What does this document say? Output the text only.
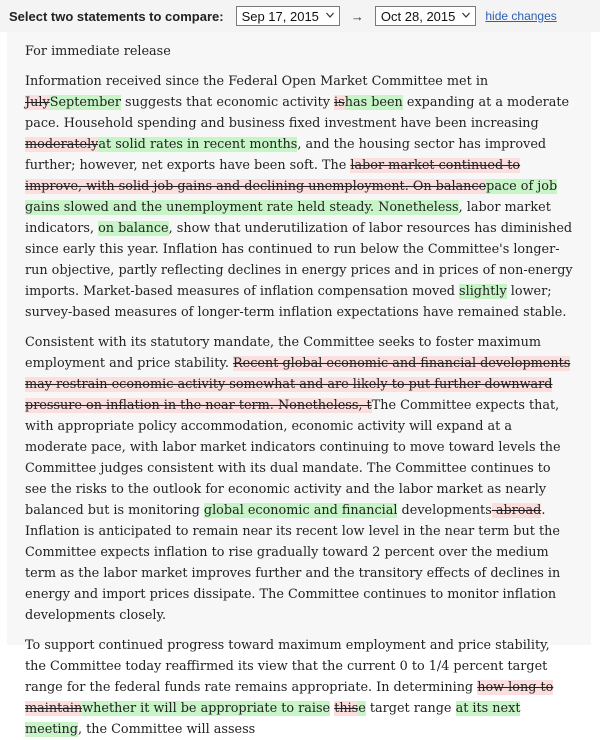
Select two statements to compare:	Sep 17, 2015	→	Oct 28, 2015	hide changes

For immediate release

Information received since the Federal Open Market Committee met in JulySeptember suggests that economic activity ishas been expanding at a moderate pace. Household spending and business fixed investment have been increasing moderatelyat solid rates in recent months, and the housing sector has improved further; however, net exports have been soft. The labor market continued to improve, with solid job gains and declining unemployment. On balancepace of job gains slowed and the unemployment rate held steady. Nonetheless, labor market indicators, on balance, show that underutilization of labor resources has diminished since early this year. Inflation has continued to run below the Committee's longer-run objective, partly reflecting declines in energy prices and in prices of non-energy imports. Market-based measures of inflation compensation moved slightly lower; survey-based measures of longer-term inflation expectations have remained stable.

Consistent with its statutory mandate, the Committee seeks to foster maximum employment and price stability. Recent global economic and financial developments may restrain economic activity somewhat and are likely to put further downward pressure on inflation in the near term. Nonetheless, tThe Committee expects that, with appropriate policy accommodation, economic activity will expand at a moderate pace, with labor market indicators continuing to move toward levels the Committee judges consistent with its dual mandate. The Committee continues to see the risks to the outlook for economic activity and the labor market as nearly balanced but is monitoring global economic and financial developments abroad. Inflation is anticipated to remain near its recent low level in the near term but the Committee expects inflation to rise gradually toward 2 percent over the medium term as the labor market improves further and the transitory effects of declines in energy and import prices dissipate. The Committee continues to monitor inflation developments closely.

To support continued progress toward maximum employment and price stability, the Committee today reaffirmed its view that the current 0 to 1/4 percent target range for the federal funds rate remains appropriate. In determining how long to maintainwhether it will be appropriate to raise thise target range at its next meeting, the Committee will assess
